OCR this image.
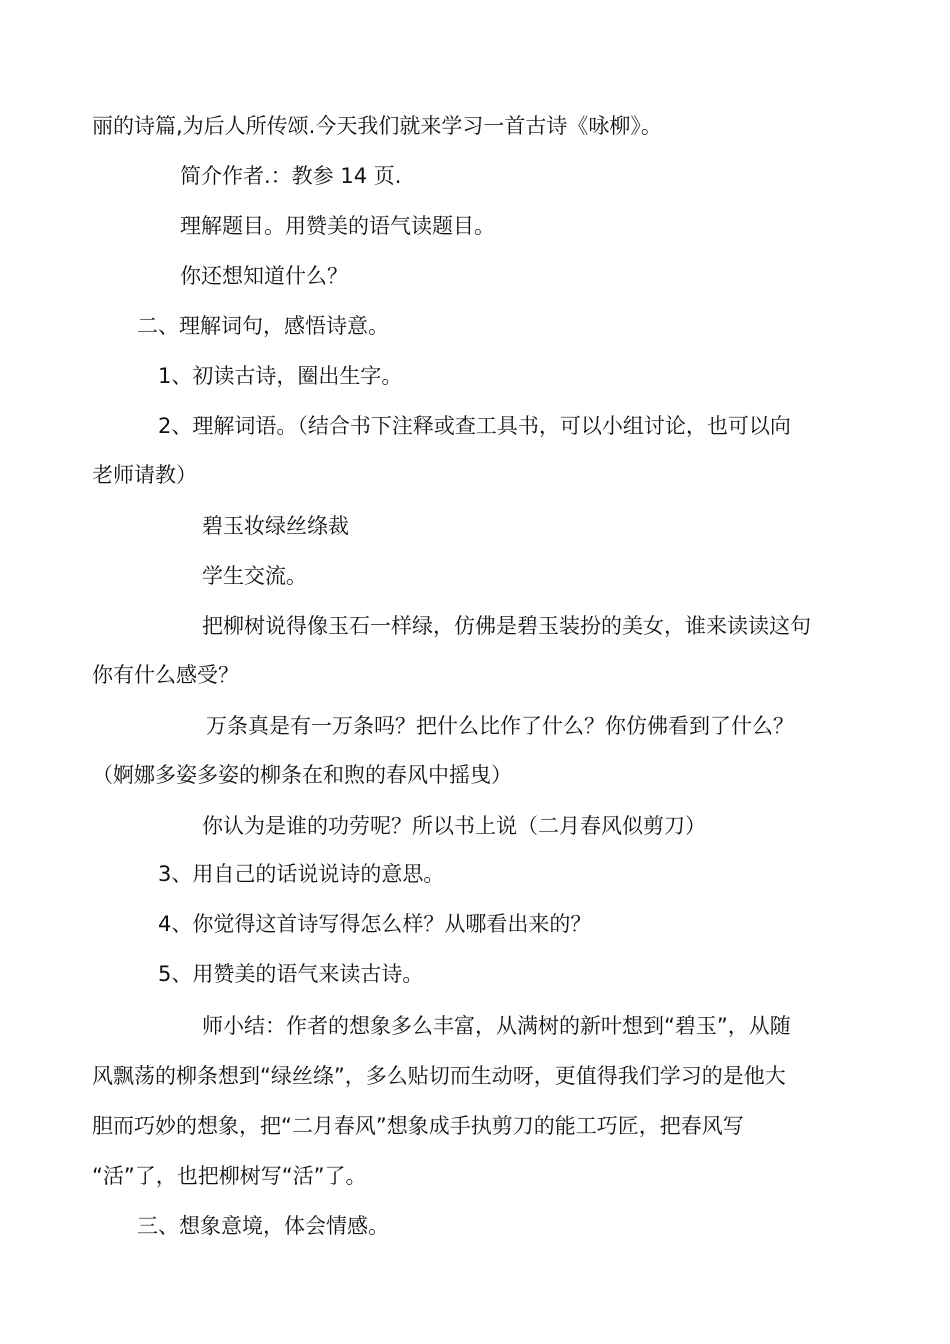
丽的诗篇,为后人所传颂.今天我们就来学习一首古诗《咏柳》。
简介作者.：教参 14 页.
理解题目。用赞美的语气读题目。
你还想知道什么？
二、理解词句，感悟诗意。
1、初读古诗，圈出生字。
2、理解词语。（结合书下注释或查工具书，可以小组讨论，也可以向
老师请教）
碧玉妆绿丝绦裁
学生交流。
把柳树说得像玉石一样绿，仿佛是碧玉装扮的美女，谁来读读这句
你有什么感受？
万条真是有一万条吗？把什么比作了什么？你仿佛看到了什么？
（婀娜多姿多姿的柳条在和煦的春风中摇曳）
你认为是谁的功劳呢？所以书上说（二月春风似剪刀）
3、用自己的话说说诗的意思。
4、你觉得这首诗写得怎么样？从哪看出来的？
5、用赞美的语气来读古诗。
师小结：作者的想象多么丰富，从满树的新叶想到“碧玉”，从随
风飘荡的柳条想到“绿丝绦”，多么贴切而生动呀，更值得我们学习的是他大
胆而巧妙的想象，把“二月春风”想象成手执剪刀的能工巧匠，把春风写
“活”了，也把柳树写“活”了。
三、想象意境，体会情感。
